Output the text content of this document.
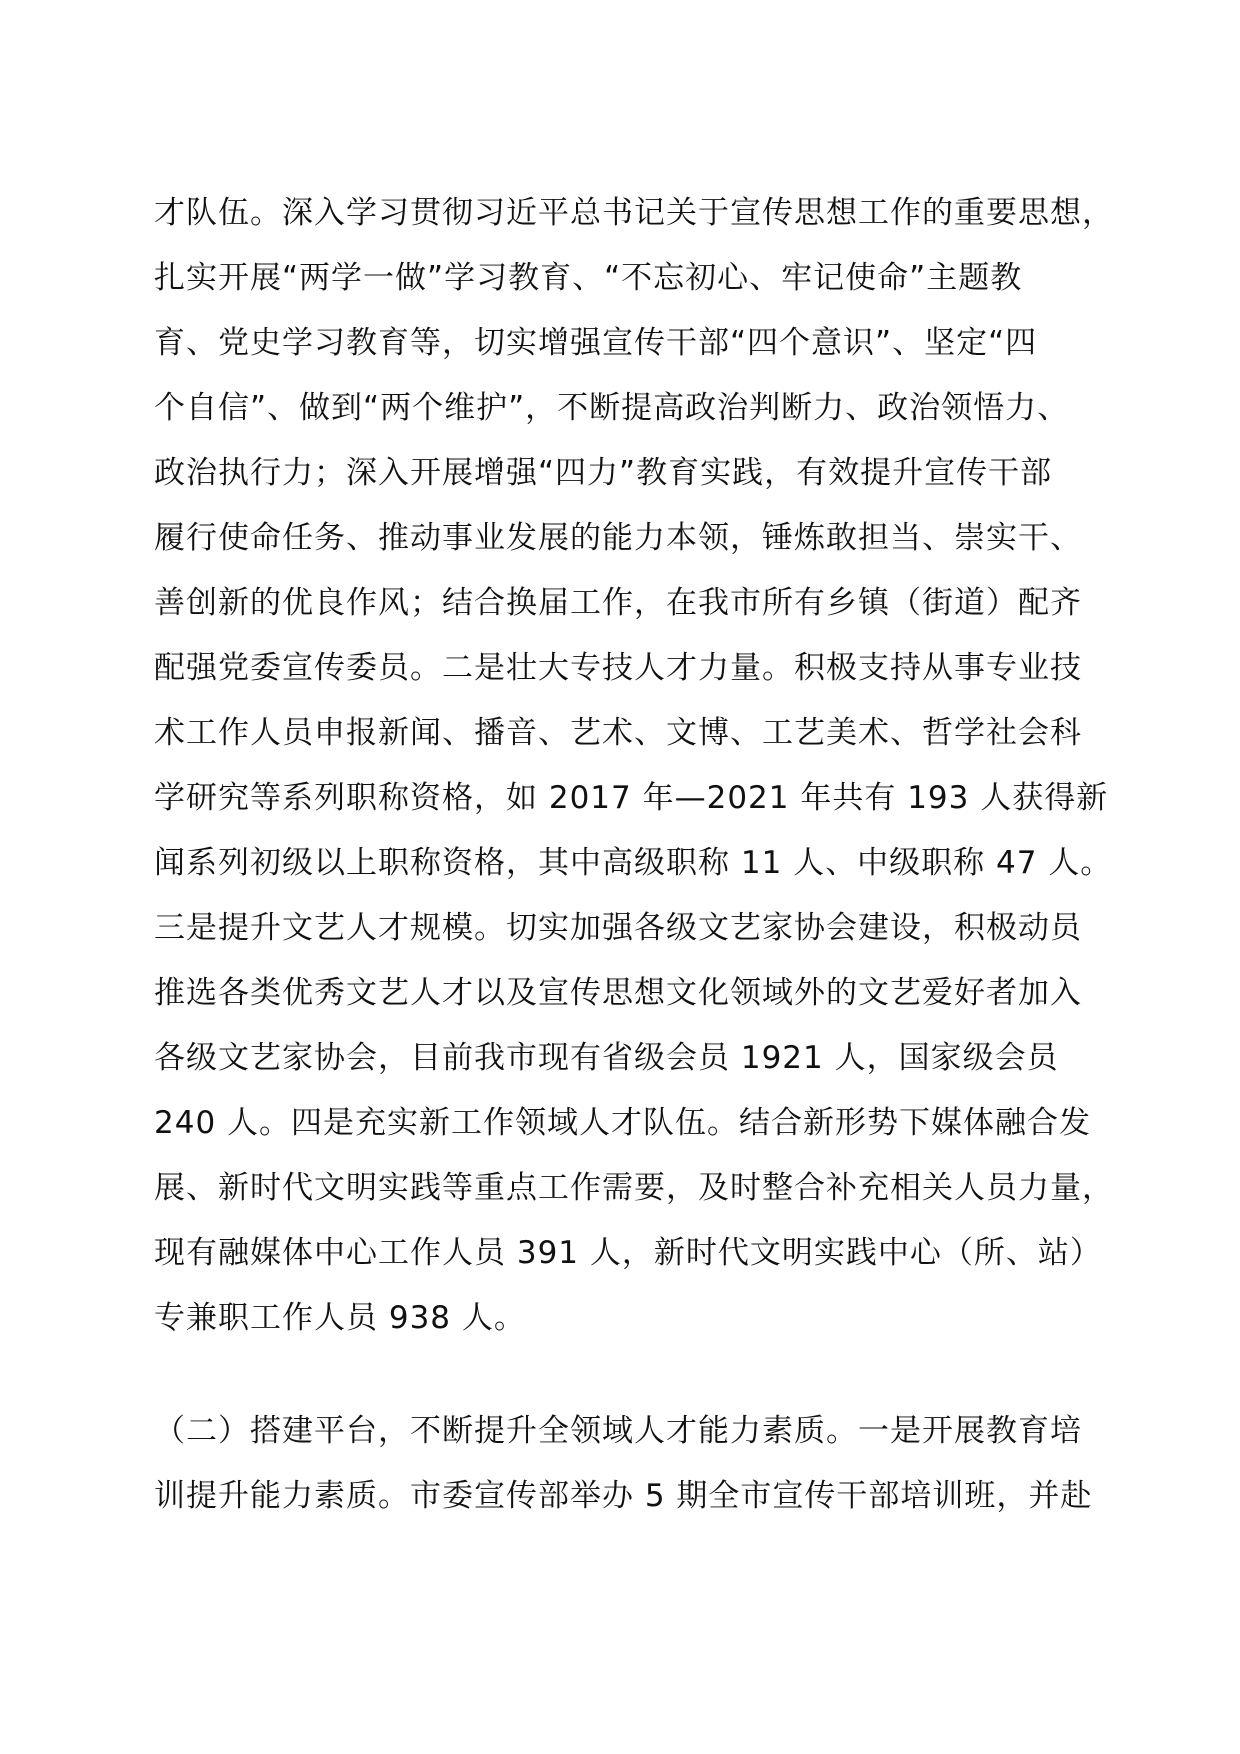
才队伍。深入学习贯彻习近平总书记关于宣传思想工作的重要思想，
扎实开展“两学一做”学习教育、“不忘初心、牢记使命”主题教
育、党史学习教育等，切实增强宣传干部“四个意识”、坚定“四
个自信”、做到“两个维护”，不断提高政治判断力、政治领悟力、
政治执行力；深入开展增强“四力”教育实践，有效提升宣传干部
履行使命任务、推动事业发展的能力本领，锤炼敢担当、崇实干、
善创新的优良作风；结合换届工作，在我市所有乡镇（街道）配齐
配强党委宣传委员。二是壮大专技人才力量。积极支持从事专业技
术工作人员申报新闻、播音、艺术、文博、工艺美术、哲学社会科
学研究等系列职称资格，如 2017 年—2021 年共有 193 人获得新
闻系列初级以上职称资格，其中高级职称 11 人、中级职称 47 人。
三是提升文艺人才规模。切实加强各级文艺家协会建设，积极动员
推选各类优秀文艺人才以及宣传思想文化领域外的文艺爱好者加入
各级文艺家协会，目前我市现有省级会员 1921 人，国家级会员
240 人。四是充实新工作领域人才队伍。结合新形势下媒体融合发
展、新时代文明实践等重点工作需要，及时整合补充相关人员力量，
现有融媒体中心工作人员 391 人，新时代文明实践中心（所、站）
专兼职工作人员 938 人。
（二）搭建平台，不断提升全领域人才能力素质。一是开展教育培
训提升能力素质。市委宣传部举办 5 期全市宣传干部培训班，并赴
